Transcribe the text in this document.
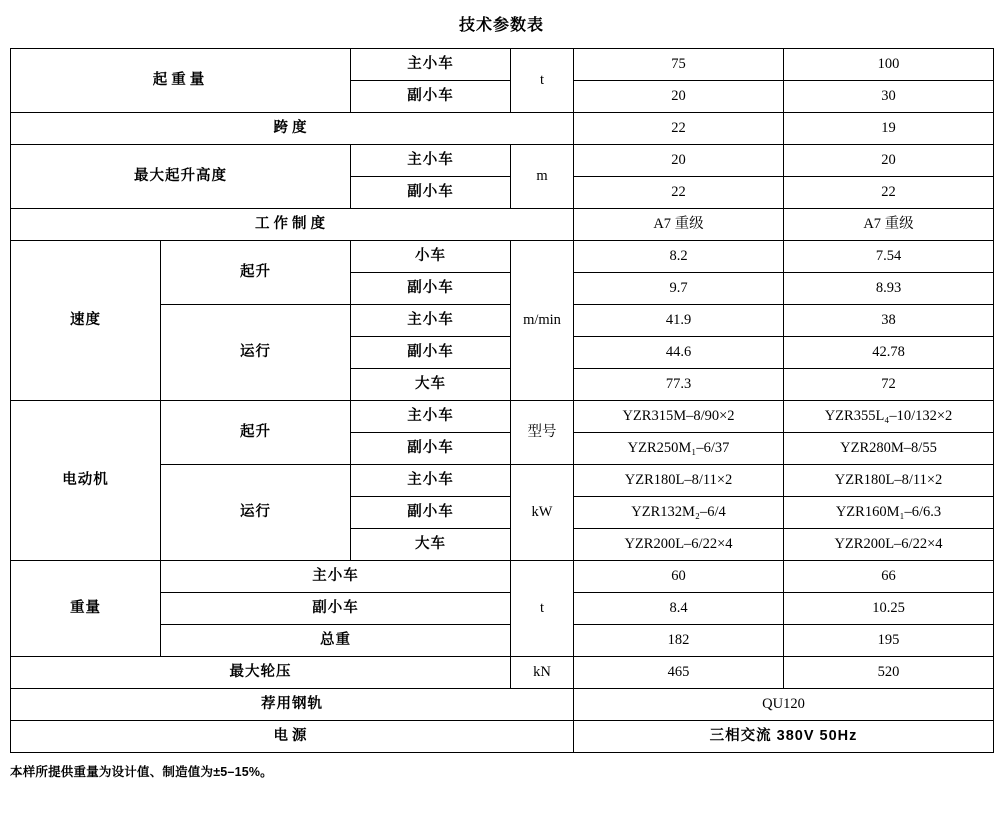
技术参数表
起重量		主小车	t	75	100
		副小车		20	30
跨度				22	19
最大起升高度		主小车	m	20	20
		副小车		22	22
工作制度				A7 重级	A7 重级
速度	起升	小车	m/min	8.2	7.54
		副小车		9.7	8.93
	运行	主小车		41.9	38
		副小车		44.6	42.78
		大车		77.3	72
电动机	起升	主小车	型号	YZR315M–8/90×2	YZR355L₄–10/132×2
		副小车		YZR250M₁–6/37	YZR280M–8/55
	运行	主小车	kW	YZR180L–8/11×2	YZR180L–8/11×2
		副小车		YZR132M₂–6/4	YZR160M₁–6/6.3
		大车		YZR200L–6/22×4	YZR200L–6/22×4
重量	主小车		t	60	66
	副小车			8.4	10.25
	总重			182	195
最大轮压			kN	465	520
荐用钢轨				QU120	
电源				三相交流 380V 50Hz	
本样所提供重量为设计值、制造值为±5–15%。
